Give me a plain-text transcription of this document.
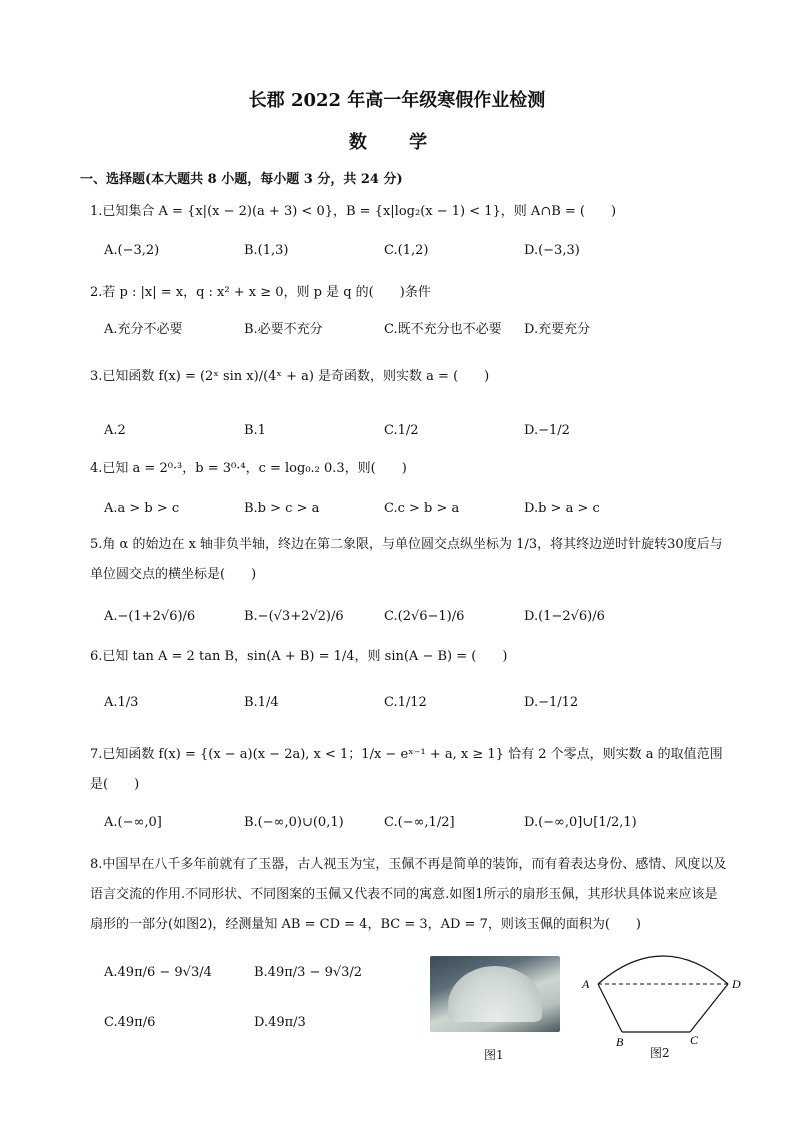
长郡 2022 年高一年级寒假作业检测
数 学
一、选择题(本大题共 8 小题，每小题 3 分，共 24 分)
1.已知集合 A = {x|(x − 2)(a + 3) < 0}，B = {x|log₂(x − 1) < 1}，则 A∩B = (　　)
A.(−3,2)	B.(1,3)	C.(1,2)	D.(−3,3)
2.若 p : |x| = x，q : x² + x ≥ 0，则 p 是 q 的(　　)条件
A.充分不必要	B.必要不充分	C.既不充分也不必要 D.充要充分
3.已知函数 f(x) = (2ˣ sin x)/(4ˣ + a) 是奇函数，则实数 a = (　　)
A.2	B.1	C.1/2	D.−1/2
4.已知 a = 2⁰·³，b = 3⁰·⁴，c = log₀.₂ 0.3，则(　　)
A.a > b > c	B.b > c > a	C.c > b > a	D.b > a > c
5.角 α 的始边在 x 轴非负半轴，终边在第二象限，与单位圆交点纵坐标为 1/3，将其终边逆时针旋转30度后与单位圆交点的横坐标是(　　)
A.−(1+2√6)/6	B.−(√3+2√2)/6	C.(2√6−1)/6	D.(1−2√6)/6
6.已知 tan A = 2 tan B，sin(A + B) = 1/4，则 sin(A − B) = (　　)
A.1/3	B.1/4	C.1/12	D.−1/12
7.已知函数 f(x) = {(x − a)(x − 2a), x < 1；1/x − eˣ⁻¹ + a, x ≥ 1} 恰有 2 个零点，则实数 a 的取值范围是(　　)
A.(−∞,0]	B.(−∞,0)∪(0,1)	C.(−∞,1/2]	D.(−∞,0]∪[1/2,1)
8.中国早在八千多年前就有了玉器，古人视玉为宝，玉佩不再是简单的装饰，而有着表达身份、感情、风度以及语言交流的作用.不同形状、不同图案的玉佩又代表不同的寓意.如图1所示的扇形玉佩，其形状具体说来应该是扇形的一部分(如图2)，经测量知 AB = CD = 4，BC = 3，AD = 7，则该玉佩的面积为(　　)
A.49π/6 − 9√3/4	B.49π/3 − 9√3/2
C.49π/6	D.49π/3
图1
A	D
B	C
图2
